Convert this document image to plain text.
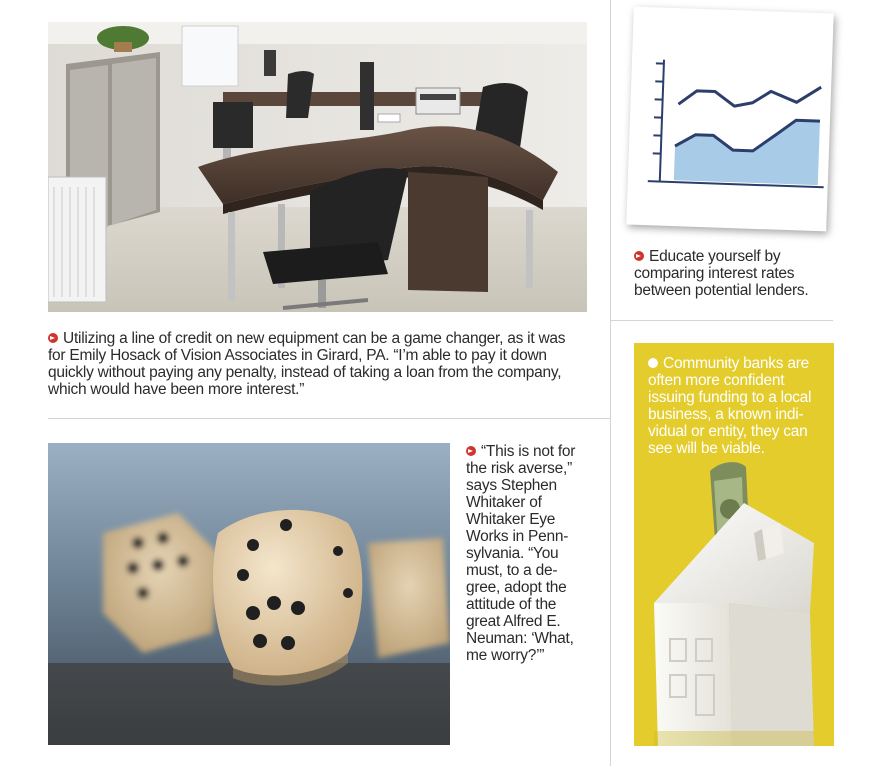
Utilizing a line of credit on new equipment can be a game changer, as it was
for Emily Hosack of Vision Associates in Girard, PA. “I’m able to pay it down
quickly without paying any penalty, instead of taking a loan from the company,
which would have been more interest.”
Educate yourself by
comparing interest rates
between potential lenders.
“This is not for
the risk averse,”
says Stephen
Whitaker of
Whitaker Eye
Works in Penn-
sylvania. “You
must, to a de-
gree, adopt the
attitude of the
great Alfred E.
Neuman: ‘What,
me worry?’”
Community banks are
often more confident
issuing funding to a local
business, a known indi-
vidual or entity, they can
see will be viable.
